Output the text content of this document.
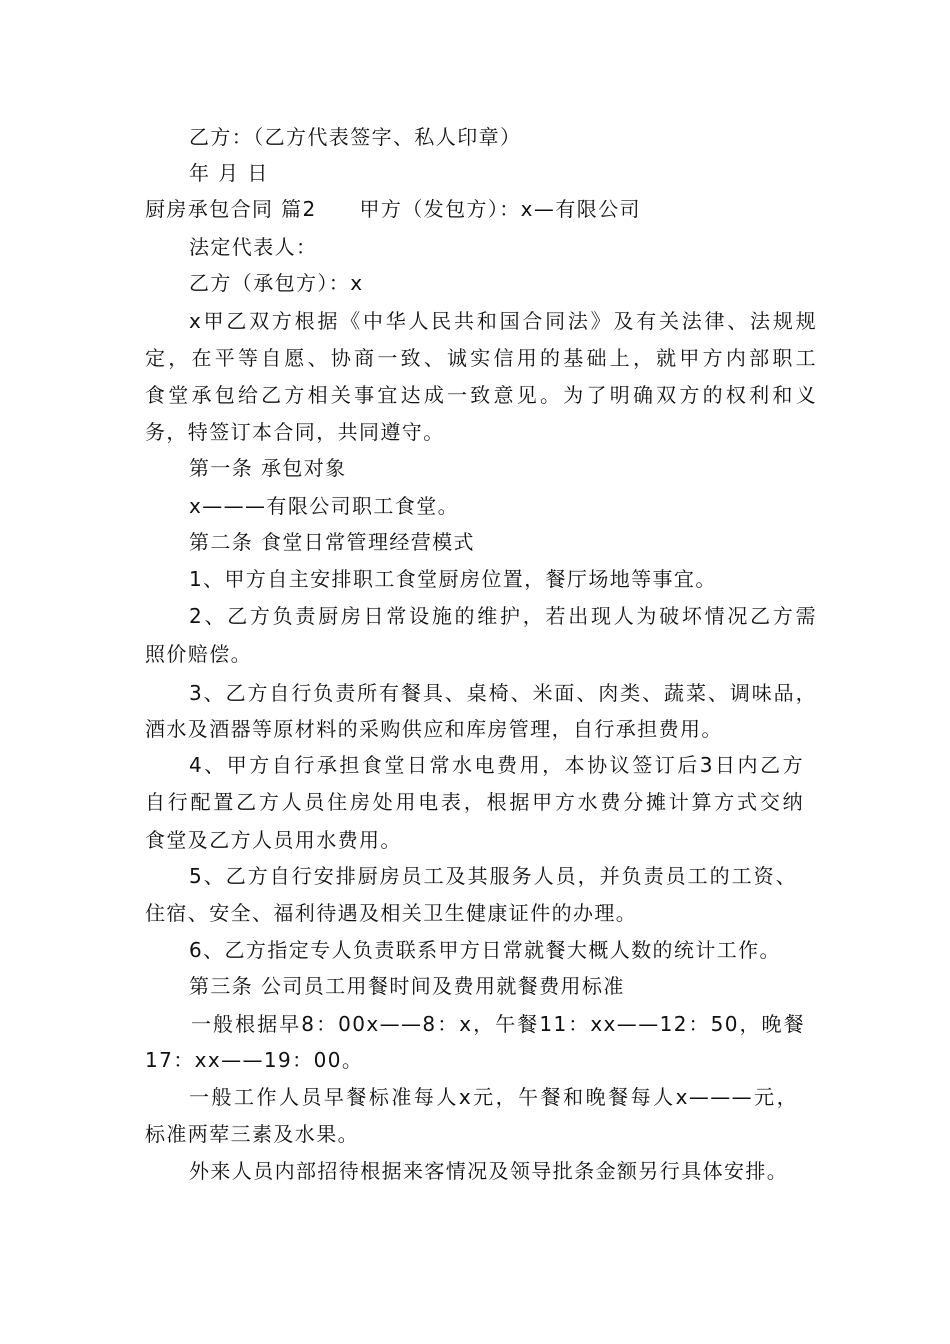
乙方：（乙方代表签字、私人印章）
年 月 日
厨房承包合同 篇2　　甲方（发包方）：x—有限公司
法定代表人：
乙方（承包方）：x
x甲乙双方根据《中华人民共和国合同法》及有关法律、法规规
定，在平等自愿、协商一致、诚实信用的基础上，就甲方内部职工
食堂承包给乙方相关事宜达成一致意见。为了明确双方的权利和义
务，特签订本合同，共同遵守。
第一条 承包对象
x———有限公司职工食堂。
第二条 食堂日常管理经营模式
1、甲方自主安排职工食堂厨房位置，餐厅场地等事宜。
2、乙方负责厨房日常设施的维护，若出现人为破坏情况乙方需
照价赔偿。
3、乙方自行负责所有餐具、桌椅、米面、肉类、蔬菜、调味品，
酒水及酒器等原材料的采购供应和库房管理，自行承担费用。
4、甲方自行承担食堂日常水电费用，本协议签订后3日内乙方
自行配置乙方人员住房处用电表，根据甲方水费分摊计算方式交纳
食堂及乙方人员用水费用。
5、乙方自行安排厨房员工及其服务人员，并负责员工的工资、
住宿、安全、福利待遇及相关卫生健康证件的办理。
6、乙方指定专人负责联系甲方日常就餐大概人数的统计工作。
第三条 公司员工用餐时间及费用就餐费用标准
一般根据早8：00x——8：x，午餐11：xx——12：50，晚餐
17：xx——19：00。
一般工作人员早餐标准每人x元，午餐和晚餐每人x———元，
标准两荤三素及水果。
外来人员内部招待根据来客情况及领导批条金额另行具体安排。
